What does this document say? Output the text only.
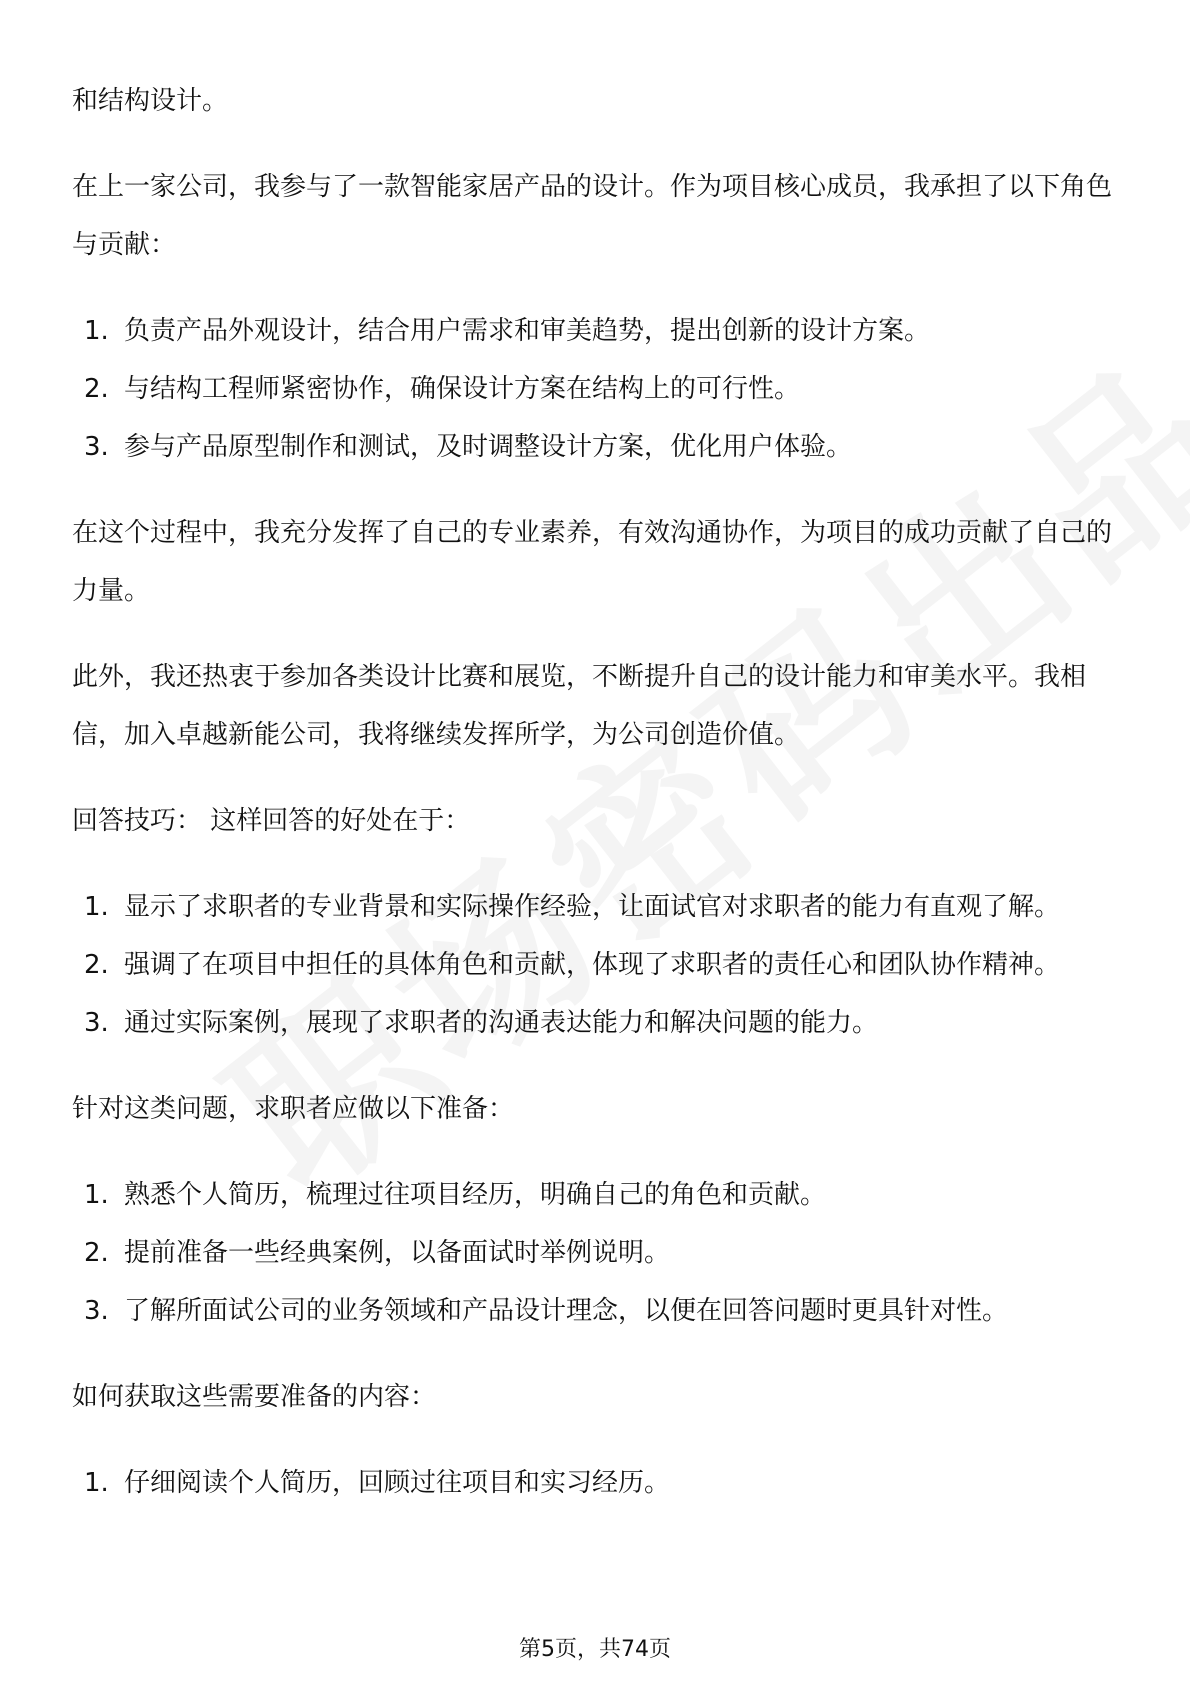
和结构设计。

在上一家公司，我参与了一款智能家居产品的设计。作为项目核心成员，我承担了以下角色与贡献：

1. 负责产品外观设计，结合用户需求和审美趋势，提出创新的设计方案。
2. 与结构工程师紧密协作，确保设计方案在结构上的可行性。
3. 参与产品原型制作和测试，及时调整设计方案，优化用户体验。

在这个过程中，我充分发挥了自己的专业素养，有效沟通协作，为项目的成功贡献了自己的力量。

此外，我还热衷于参加各类设计比赛和展览，不断提升自己的设计能力和审美水平。我相信，加入卓越新能公司，我将继续发挥所学，为公司创造价值。

回答技巧： 这样回答的好处在于：

1. 显示了求职者的专业背景和实际操作经验，让面试官对求职者的能力有直观了解。
2. 强调了在项目中担任的具体角色和贡献，体现了求职者的责任心和团队协作精神。
3. 通过实际案例，展现了求职者的沟通表达能力和解决问题的能力。

针对这类问题，求职者应做以下准备：

1. 熟悉个人简历，梳理过往项目经历，明确自己的角色和贡献。
2. 提前准备一些经典案例，以备面试时举例说明。
3. 了解所面试公司的业务领域和产品设计理念，以便在回答问题时更具针对性。

如何获取这些需要准备的内容：

1. 仔细阅读个人简历，回顾过往项目和实习经历。
第5页，共74页
